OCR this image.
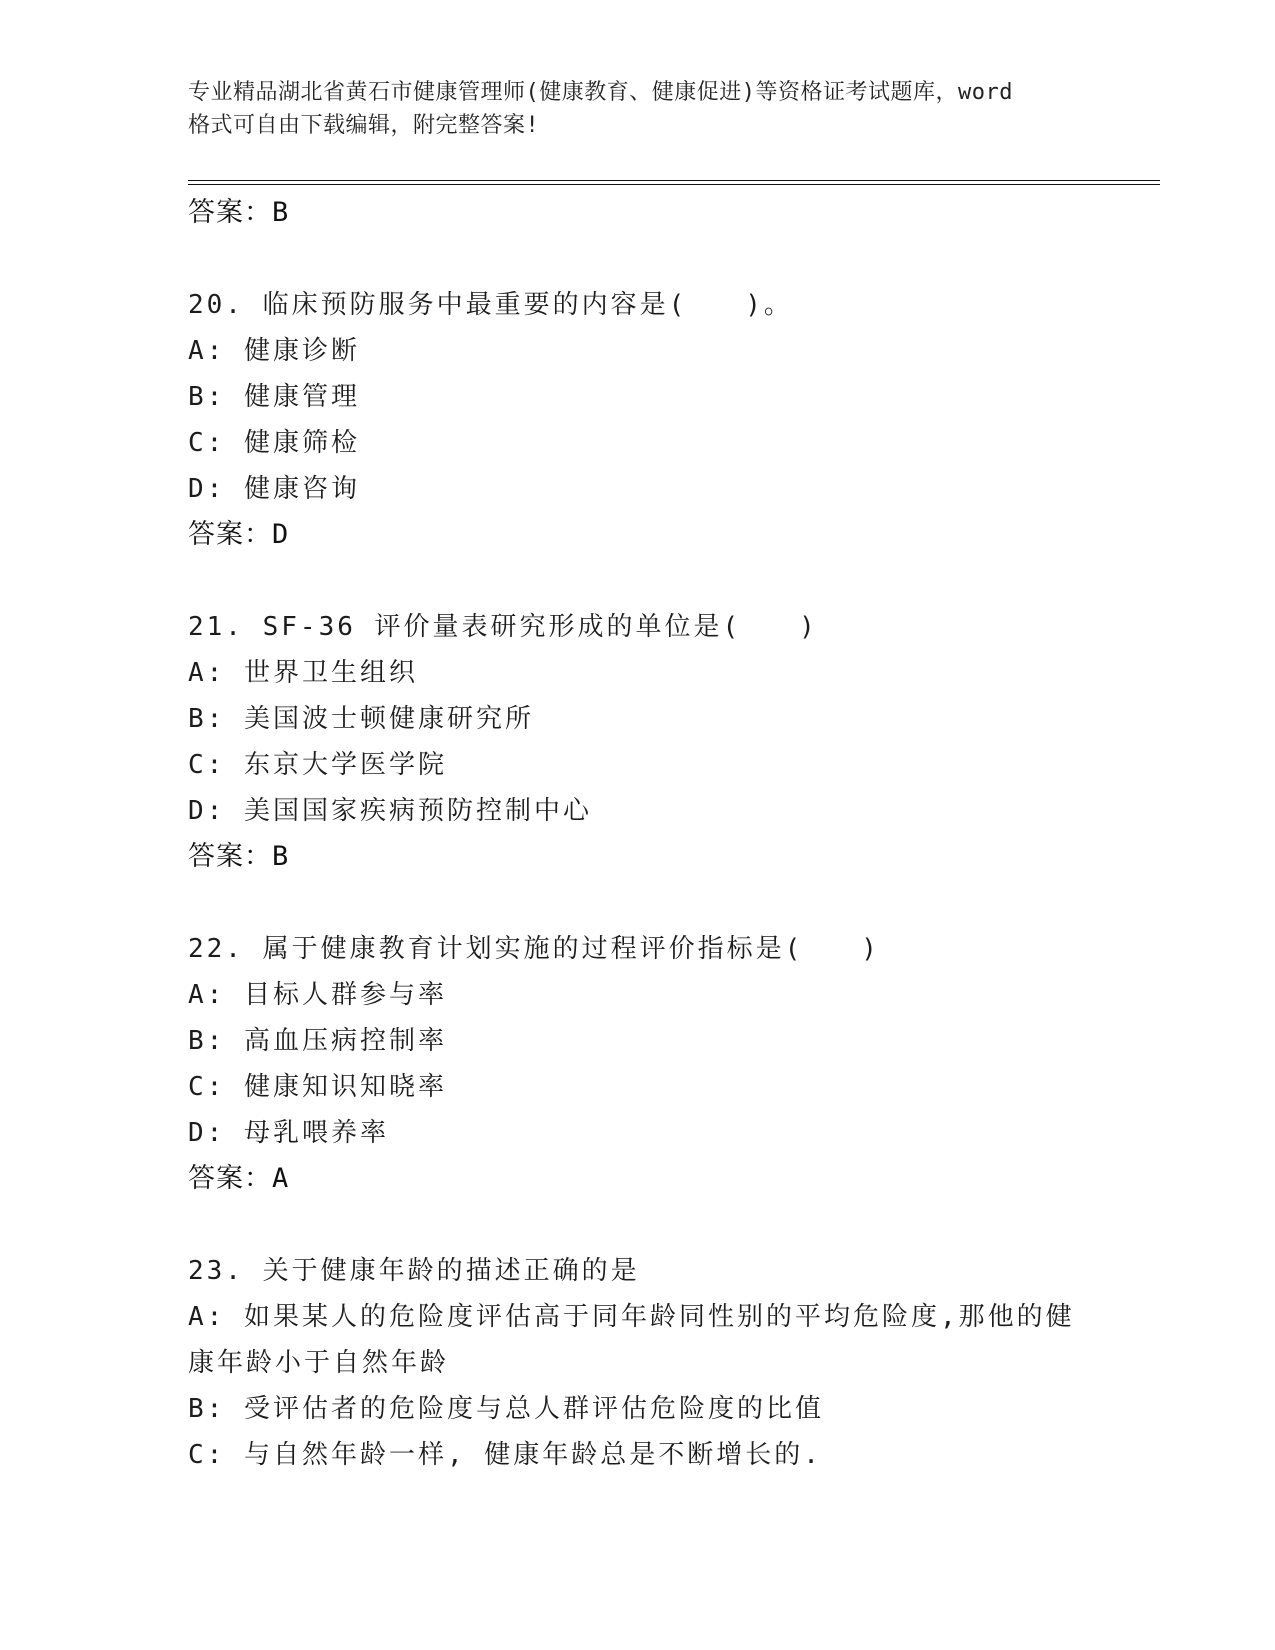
专业精品湖北省黄石市健康管理师(健康教育、健康促进)等资格证考试题库，word
格式可自由下载编辑，附完整答案!
答案：B
20. 临床预防服务中最重要的内容是(　　)。
A: 健康诊断
B: 健康管理
C: 健康筛检
D: 健康咨询
答案：D
21. SF-36 评价量表研究形成的单位是(　　)
A: 世界卫生组织
B: 美国波士顿健康研究所
C: 东京大学医学院
D: 美国国家疾病预防控制中心
答案：B
22. 属于健康教育计划实施的过程评价指标是(　　)
A: 目标人群参与率
B: 高血压病控制率
C: 健康知识知晓率
D: 母乳喂养率
答案：A
23. 关于健康年龄的描述正确的是
A: 如果某人的危险度评估高于同年龄同性别的平均危险度,那他的健
康年龄小于自然年龄
B: 受评估者的危险度与总人群评估危险度的比值
C: 与自然年龄一样, 健康年龄总是不断增长的.
